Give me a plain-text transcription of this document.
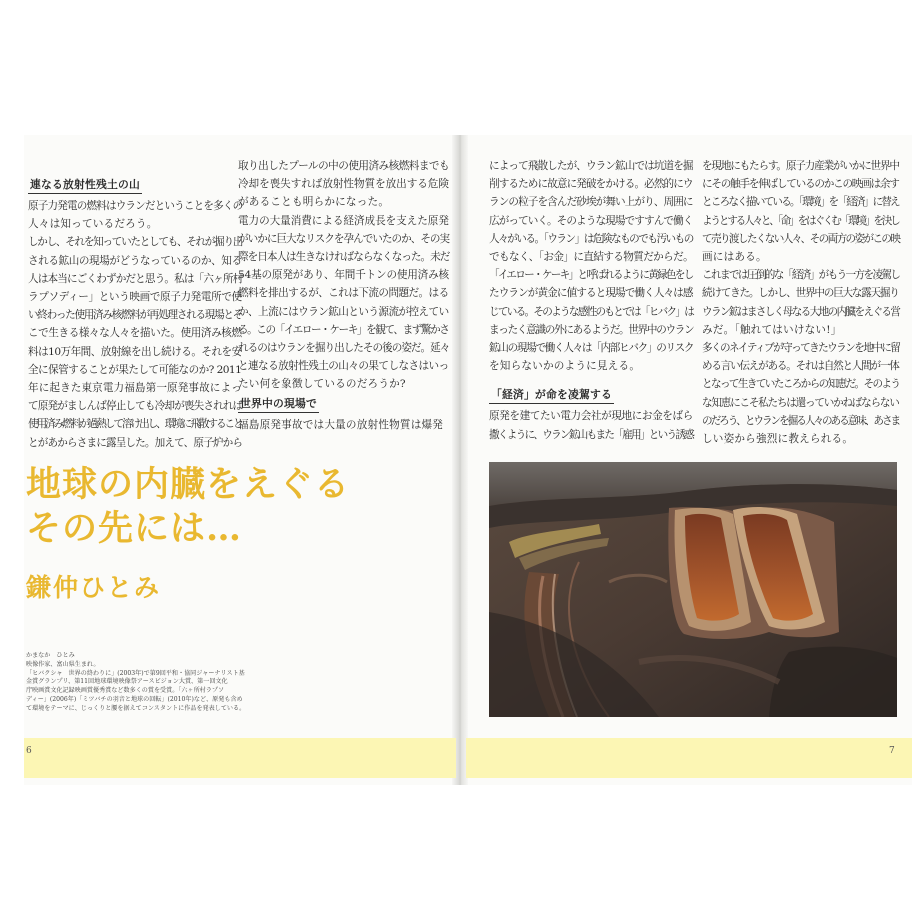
連なる放射性残土の山

原子力発電の燃料はウランだということを多くの

人々は知っているだろう。

しかし、それを知っていたとしても、それが掘り出

される鉱山の現場がどうなっているのか、知る

人は本当にごくわずかだと思う。私は「六ヶ所村

ラプソディー」という映画で原子力発電所で使

い終わった使用済み核燃料が再処理される現場とそ

こで生きる様々な人々を描いた。使用済み核燃

料は10万年間、放射線を出し続ける。それを安

全に保管することが果たして可能なのか? 2011

年に起きた東京電力福島第一原発事故によっ

て原発がましんば停止しても冷却が喪失されれば

使用済み燃料が過熱して溶け出し、環境に飛散すること

とがあからさまに露呈した。加えて、原子炉から

取り出したプールの中の使用済み核燃料までも

冷却を喪失すれば放射性物質を放出する危険

があることも明らかになった。

電力の大量消費による経済成長を支えた原発

がいかに巨大なリスクを孕んでいたのか、その実

際を日本人は生きなければならなくなった。未だ

54基の原発があり、年間千トンの使用済み核

燃料を排出するが、これは下流の問題だ。はる

か、上流にはウラン鉱山という源流が控えてい

る。この「イエロー・ケーキ」を観て、まず驚かさ

れるのはウランを掘り出したその後の姿だ。延々

と連なる放射性残土の山々の果てしなさはいっ

たい何を象徴しているのだろうか?

世界中の現場で

福島原発事故では大量の放射性物質は爆発

地球の内臓をえぐる
その先には…
鎌仲ひとみ
かまなか　ひとみ
映像作家、富山県生まれ。
「ヒバクシャ　世界の終わりに」(2003年)で第9回平和・協同ジャーナリスト基
金賞グランプリ、第11回地球環境映像祭アースビジョン大賞、第一回文化
庁映画賞文化記録映画賞優秀賞など数多くの賞を受賞。「六ヶ所村ラプソ
ディー」(2006年)「ミツバチの羽音と地球の回転」(2010年)など、原発も含め
て環境をテーマに、じっくりと腰を据えてコンスタントに作品を発表している。
6	7

によって飛散したが、ウラン鉱山では坑道を掘

削するために故意に発破をかける。必然的にウ

ランの粒子を含んだ砂埃が舞い上がり、周囲に

広がっていく。そのような現場ですすんで働く

人々がいる。「ウラン」は危険なものでも汚いもの

でもなく、「お金」に直結する物質だからだ。

「イエロー・ケーキ」と呼ばれるように黄緑色をし

たウランが黄金に値すると現場で働く人々は感

じている。そのような感性のもとでは「ヒバク」は

まったく意識の外にあるようだ。世界中のウラン

鉱山の現場で働く人々は「内部ヒバク」のリスク

を知らないかのように見える。

「経済」が命を凌駕する

原発を建てたい電力会社が現地にお金をばら

撒くように、ウラン鉱山もまた「雇用」という誘惑

を現地にもたらす。原子力産業がいかに世界中

にその触手を伸ばしているのかこの映画は余す

ところなく描いている。「環境」を「経済」に替え

ようとする人々と、「命」をはぐくむ「環境」を決し

て売り渡したくない人々、その両方の姿がこの映

画にはある。

これまでは圧倒的な「経済」がもう一方を凌駕し

続けてきた。しかし、世界中の巨大な露天掘り

ウラン鉱はまさしく母なる大地の内臓をえぐる営

みだ。「触れてはいけない!」

多くのネイティブが守ってきたウランを地中に留

める言い伝えがある。それは自然と人間が一体

となって生きていたころからの知恵だ。そのよう

な知恵にこそ私たちは還っていかねばならない

のだろう、とウランを掘る人々のある意味、あさま

しい姿から強烈に教えられる。
